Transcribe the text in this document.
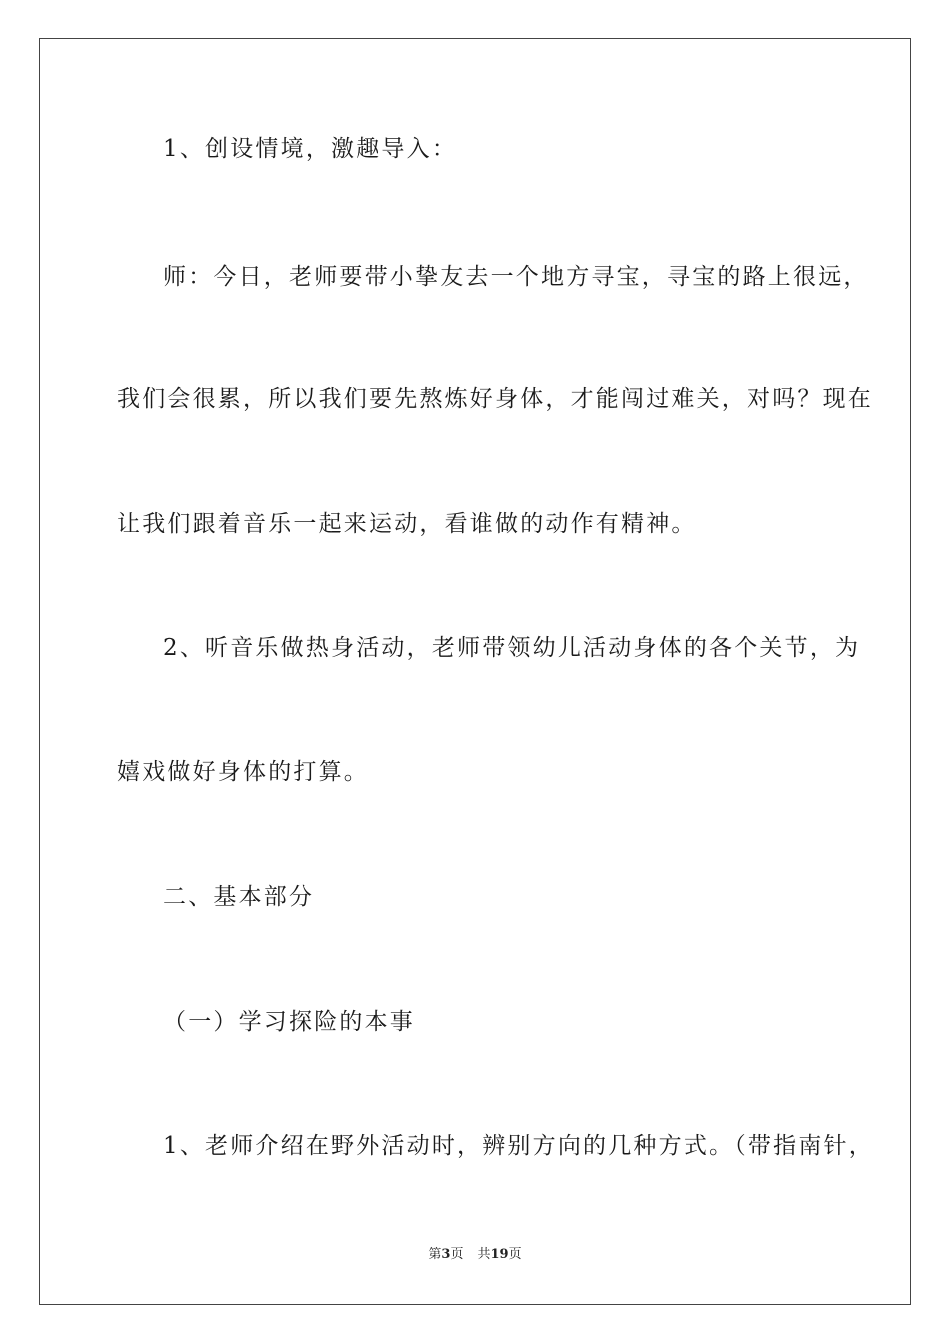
1、创设情境，激趣导入：
师：今日，老师要带小挚友去一个地方寻宝，寻宝的路上很远，
我们会很累，所以我们要先熬炼好身体，才能闯过难关，对吗？现在
让我们跟着音乐一起来运动，看谁做的动作有精神。
2、听音乐做热身活动，老师带领幼儿活动身体的各个关节，为
嬉戏做好身体的打算。
二、基本部分
（一）学习探险的本事
1、老师介绍在野外活动时，辨别方向的几种方式。（带指南针，
第3页 共19页
